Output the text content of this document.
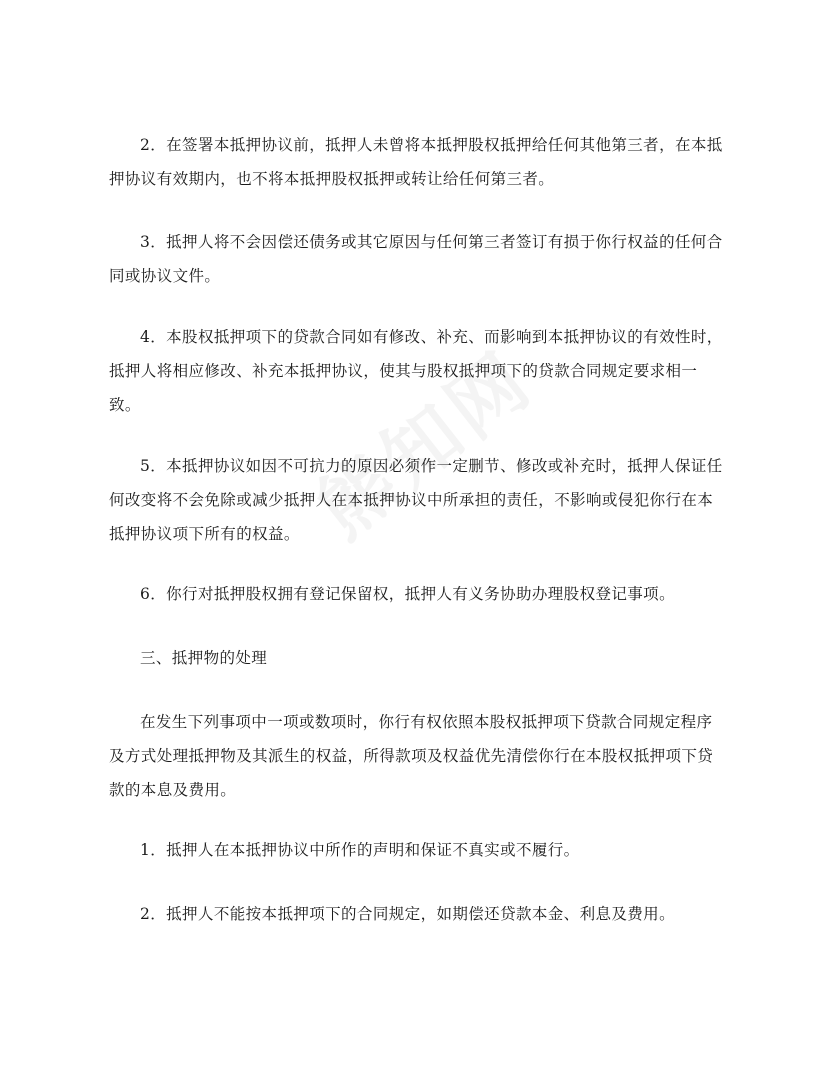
2．在签署本抵押协议前，抵押人未曾将本抵押股权抵押给任何其他第三者，在本抵押协议有效期内，也不将本抵押股权抵押或转让给任何第三者。

3．抵押人将不会因偿还债务或其它原因与任何第三者签订有损于你行权益的任何合同或协议文件。

4．本股权抵押项下的贷款合同如有修改、补充、而影响到本抵押协议的有效性时，抵押人将相应修改、补充本抵押协议，使其与股权抵押项下的贷款合同规定要求相一致。

5．本抵押协议如因不可抗力的原因必须作一定删节、修改或补充时，抵押人保证任何改变将不会免除或减少抵押人在本抵押协议中所承担的责任，不影响或侵犯你行在本抵押协议项下所有的权益。

6．你行对抵押股权拥有登记保留权，抵押人有义务协助办理股权登记事项。

三、抵押物的处理

在发生下列事项中一项或数项时，你行有权依照本股权抵押项下贷款合同规定程序及方式处理抵押物及其派生的权益，所得款项及权益优先清偿你行在本股权抵押项下贷款的本息及费用。

1．抵押人在本抵押协议中所作的声明和保证不真实或不履行。

2．抵押人不能按本抵押项下的合同规定，如期偿还贷款本金、利息及费用。
